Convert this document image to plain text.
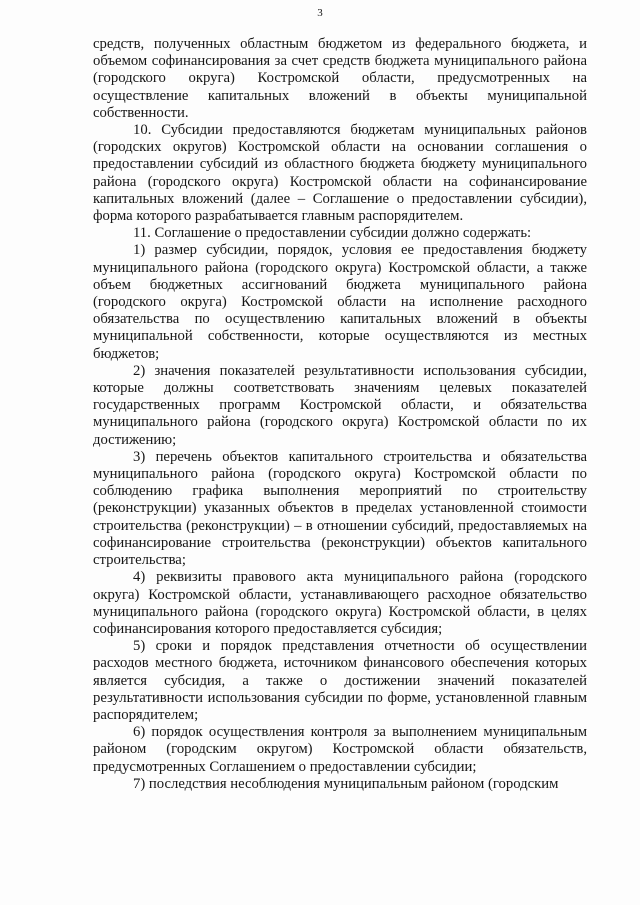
3

средств, полученных областным бюджетом из федерального бюджета, и объемом софинансирования за счет средств бюджета муниципального района (городского округа) Костромской области, предусмотренных на осуществление капитальных вложений в объекты муниципальной собственности.

10. Субсидии предоставляются бюджетам муниципальных районов (городских округов) Костромской области на основании соглашения о предоставлении субсидий из областного бюджета бюджету муниципального района (городского округа) Костромской области на софинансирование капитальных вложений (далее – Соглашение о предоставлении субсидии), форма которого разрабатывается главным распорядителем.

11. Соглашение о предоставлении субсидии должно содержать:

1) размер субсидии, порядок, условия ее предоставления бюджету муниципального района (городского округа) Костромской области, а также объем бюджетных ассигнований бюджета муниципального района (городского округа) Костромской области на исполнение расходного обязательства по осуществлению капитальных вложений в объекты муниципальной собственности, которые осуществляются из местных бюджетов;

2) значения показателей результативности использования субсидии, которые должны соответствовать значениям целевых показателей государственных программ Костромской области, и обязательства муниципального района (городского округа) Костромской области по их достижению;

3) перечень объектов капитального строительства и обязательства муниципального района (городского округа) Костромской области по соблюдению графика выполнения мероприятий по строительству (реконструкции) указанных объектов в пределах установленной стоимости строительства (реконструкции) – в отношении субсидий, предоставляемых на софинансирование строительства (реконструкции) объектов капитального строительства;

4) реквизиты правового акта муниципального района (городского округа) Костромской области, устанавливающего расходное обязательство муниципального района (городского округа) Костромской области, в целях софинансирования которого предоставляется субсидия;

5) сроки и порядок представления отчетности об осуществлении расходов местного бюджета, источником финансового обеспечения которых является субсидия, а также о достижении значений показателей результативности использования субсидии по форме, установленной главным распорядителем;

6) порядок осуществления контроля за выполнением муниципальным районом (городским округом) Костромской области обязательств, предусмотренных Соглашением о предоставлении субсидии;

7) последствия несоблюдения муниципальным районом (городским
